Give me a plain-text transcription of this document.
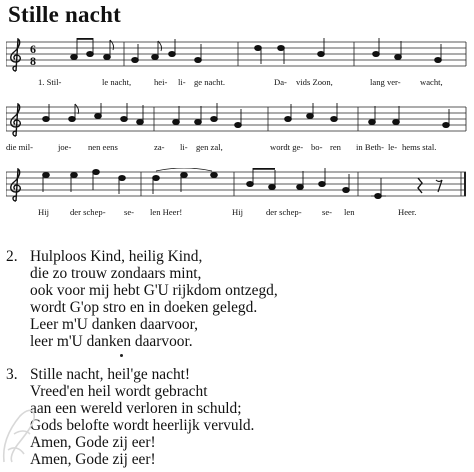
Stille nacht
6
8
1. Stil-	le nacht,	hei- li- ge nacht.	Da- vids Zoon,	lang ver- wacht,
die mil-	joe- nen eens	za- li- gen zal,	wordt ge- bo- ren in Beth- le- hems stal.
Hij der schep- se- len Heer!	Hij	der schep- se- len	Heer.
2. Hulploos Kind, heilig Kind,
die zo trouw zondaars mint,
ook voor mij hebt G'U rijkdom ontzegd,
wordt G'op stro en in doeken gelegd.
Leer m'U danken daarvoor,
leer m'U danken daarvoor.
3. Stille nacht, heil'ge nacht!
Vreed'en heil wordt gebracht
aan een wereld verloren in schuld;
Gods belofte wordt heerlijk vervuld.
Amen, Gode zij eer!
Amen, Gode zij eer!
